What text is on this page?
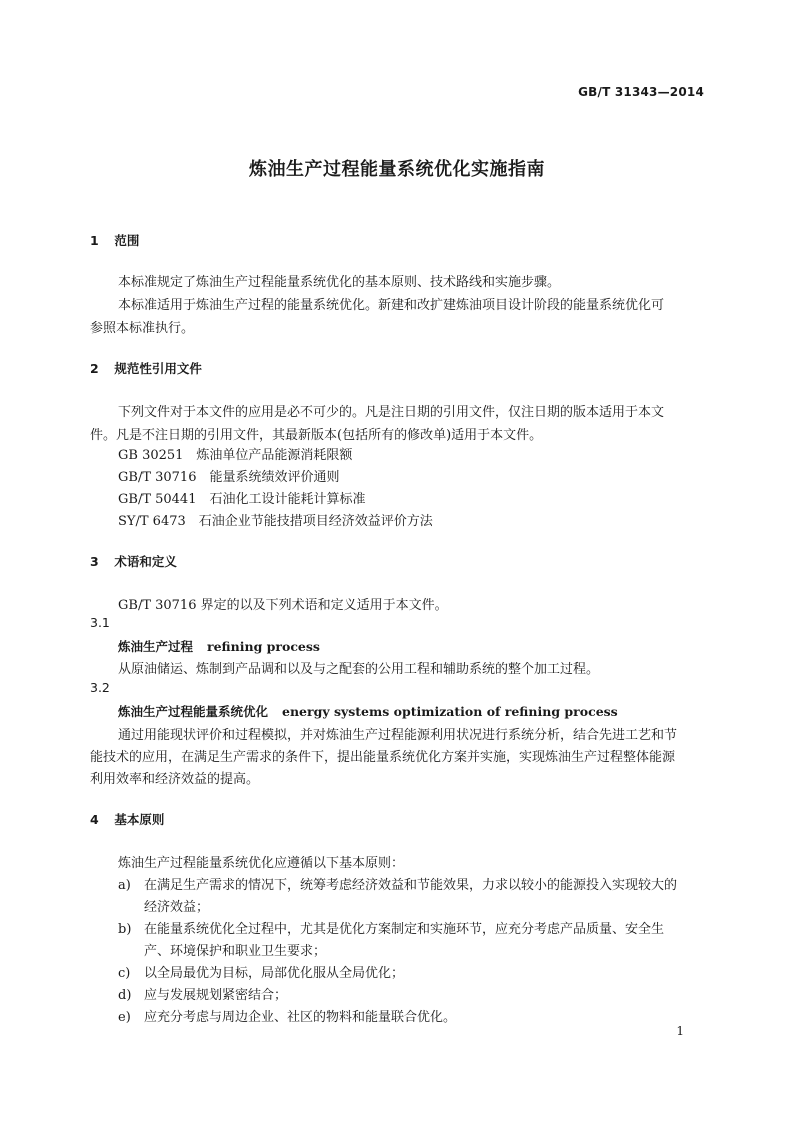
GB/T 31343—2014
炼油生产过程能量系统优化实施指南
1 范围
本标准规定了炼油生产过程能量系统优化的基本原则、技术路线和实施步骤。
本标准适用于炼油生产过程的能量系统优化。新建和改扩建炼油项目设计阶段的能量系统优化可
参照本标准执行。
2 规范性引用文件
下列文件对于本文件的应用是必不可少的。凡是注日期的引用文件，仅注日期的版本适用于本文
件。凡是不注日期的引用文件，其最新版本(包括所有的修改单)适用于本文件。
GB 30251　炼油单位产品能源消耗限额
GB/T 30716　能量系统绩效评价通则
GB/T 50441　石油化工设计能耗计算标准
SY/T 6473　石油企业节能技措项目经济效益评价方法
3 术语和定义
GB/T 30716 界定的以及下列术语和定义适用于本文件。
3.1
炼油生产过程 refining process
从原油储运、炼制到产品调和以及与之配套的公用工程和辅助系统的整个加工过程。
3.2
炼油生产过程能量系统优化 energy systems optimization of refining process
通过用能现状评价和过程模拟，并对炼油生产过程能源利用状况进行系统分析，结合先进工艺和节
能技术的应用，在满足生产需求的条件下，提出能量系统优化方案并实施，实现炼油生产过程整体能源
利用效率和经济效益的提高。
4 基本原则
炼油生产过程能量系统优化应遵循以下基本原则：
a) 在满足生产需求的情况下，统筹考虑经济效益和节能效果，力求以较小的能源投入实现较大的
经济效益；
b) 在能量系统优化全过程中，尤其是优化方案制定和实施环节，应充分考虑产品质量、安全生
产、环境保护和职业卫生要求；
c) 以全局最优为目标，局部优化服从全局优化；
d) 应与发展规划紧密结合；
e) 应充分考虑与周边企业、社区的物料和能量联合优化。
1
